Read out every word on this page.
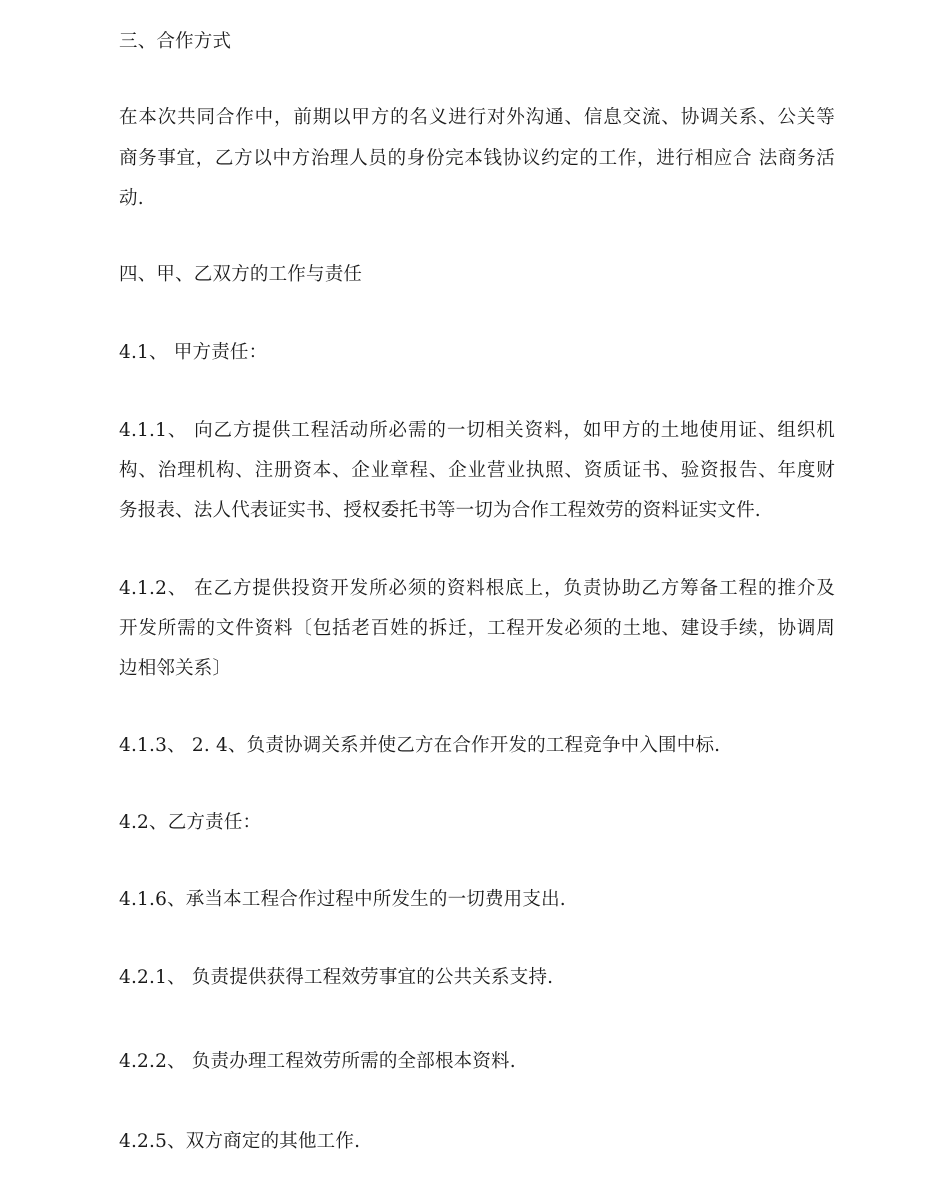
三、合作方式
在本次共同合作中，前期以甲方的名义进行对外沟通、信息交流、协调关系、公关等
商务事宜，乙方以中方治理人员的身份完本钱协议约定的工作，进行相应合 法商务活
动.
四、甲、乙双方的工作与责任
4.1、 甲方责任：
4.1.1、 向乙方提供工程活动所必需的一切相关资料，如甲方的土地使用证、组织机
构、治理机构、注册资本、企业章程、企业营业执照、资质证书、验资报告、年度财
务报表、法人代表证实书、授权委托书等一切为合作工程效劳的资料证实文件.
4.1.2、 在乙方提供投资开发所必须的资料根底上，负责协助乙方筹备工程的推介及
开发所需的文件资料〔包括老百姓的拆迁，工程开发必须的土地、建设手续，协调周
边相邻关系〕
4.1.3、 2. 4、负责协调关系并使乙方在合作开发的工程竞争中入围中标.
4.2、乙方责任：
4.1.6、承当本工程合作过程中所发生的一切费用支出.
4.2.1、 负责提供获得工程效劳事宜的公共关系支持.
4.2.2、 负责办理工程效劳所需的全部根本资料.
4.2.5、双方商定的其他工作.
